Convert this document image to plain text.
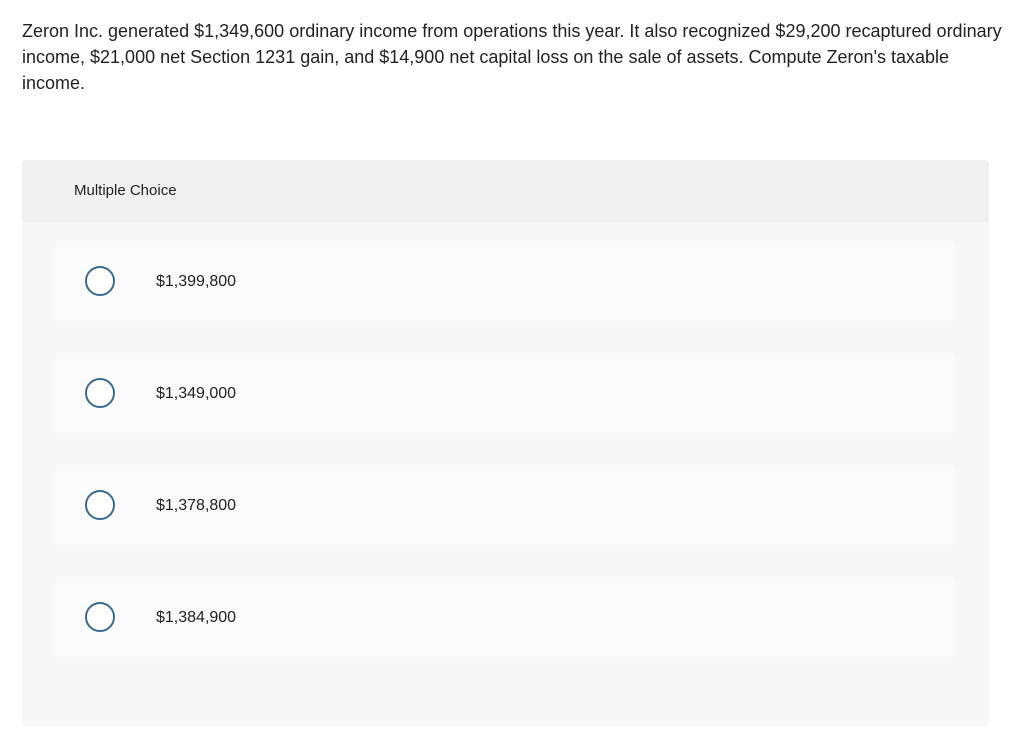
Zeron Inc. generated $1,349,600 ordinary income from operations this year. It also recognized $29,200 recaptured ordinary income, $21,000 net Section 1231 gain, and $14,900 net capital loss on the sale of assets. Compute Zeron's taxable income.

Multiple Choice
$1,399,800
$1,349,000
$1,378,800
$1,384,900
